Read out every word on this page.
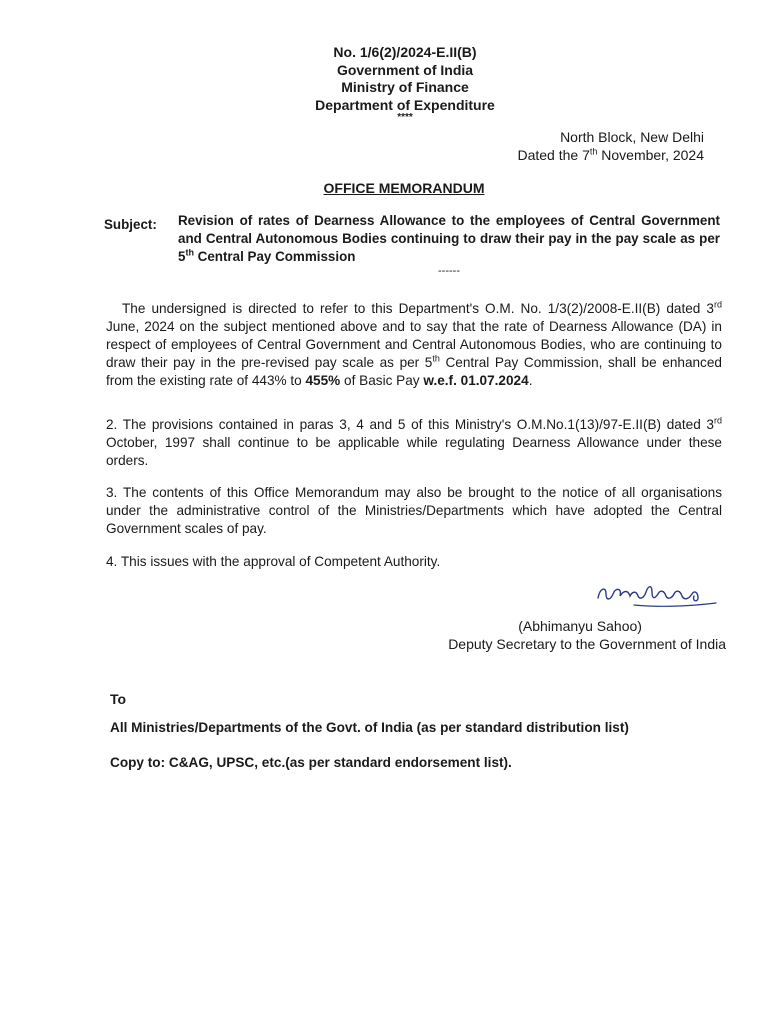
No. 1/6(2)/2024-E.II(B)
Government of India
Ministry of Finance
Department of Expenditure
****
North Block, New Delhi
Dated the 7th November, 2024
OFFICE MEMORANDUM
Subject: Revision of rates of Dearness Allowance to the employees of Central Government and Central Autonomous Bodies continuing to draw their pay in the pay scale as per 5th Central Pay Commission
------
The undersigned is directed to refer to this Department's O.M. No. 1/3(2)/2008-E.II(B) dated 3rd June, 2024 on the subject mentioned above and to say that the rate of Dearness Allowance (DA) in respect of employees of Central Government and Central Autonomous Bodies, who are continuing to draw their pay in the pre-revised pay scale as per 5th Central Pay Commission, shall be enhanced from the existing rate of 443% to 455% of Basic Pay w.e.f. 01.07.2024.
2. The provisions contained in paras 3, 4 and 5 of this Ministry's O.M.No.1(13)/97-E.II(B) dated 3rd October, 1997 shall continue to be applicable while regulating Dearness Allowance under these orders.
3. The contents of this Office Memorandum may also be brought to the notice of all organisations under the administrative control of the Ministries/Departments which have adopted the Central Government scales of pay.
4. This issues with the approval of Competent Authority.
(Abhimanyu Sahoo)
Deputy Secretary to the Government of India
To
All Ministries/Departments of the Govt. of India (as per standard distribution list)
Copy to: C&AG, UPSC, etc.(as per standard endorsement list).
